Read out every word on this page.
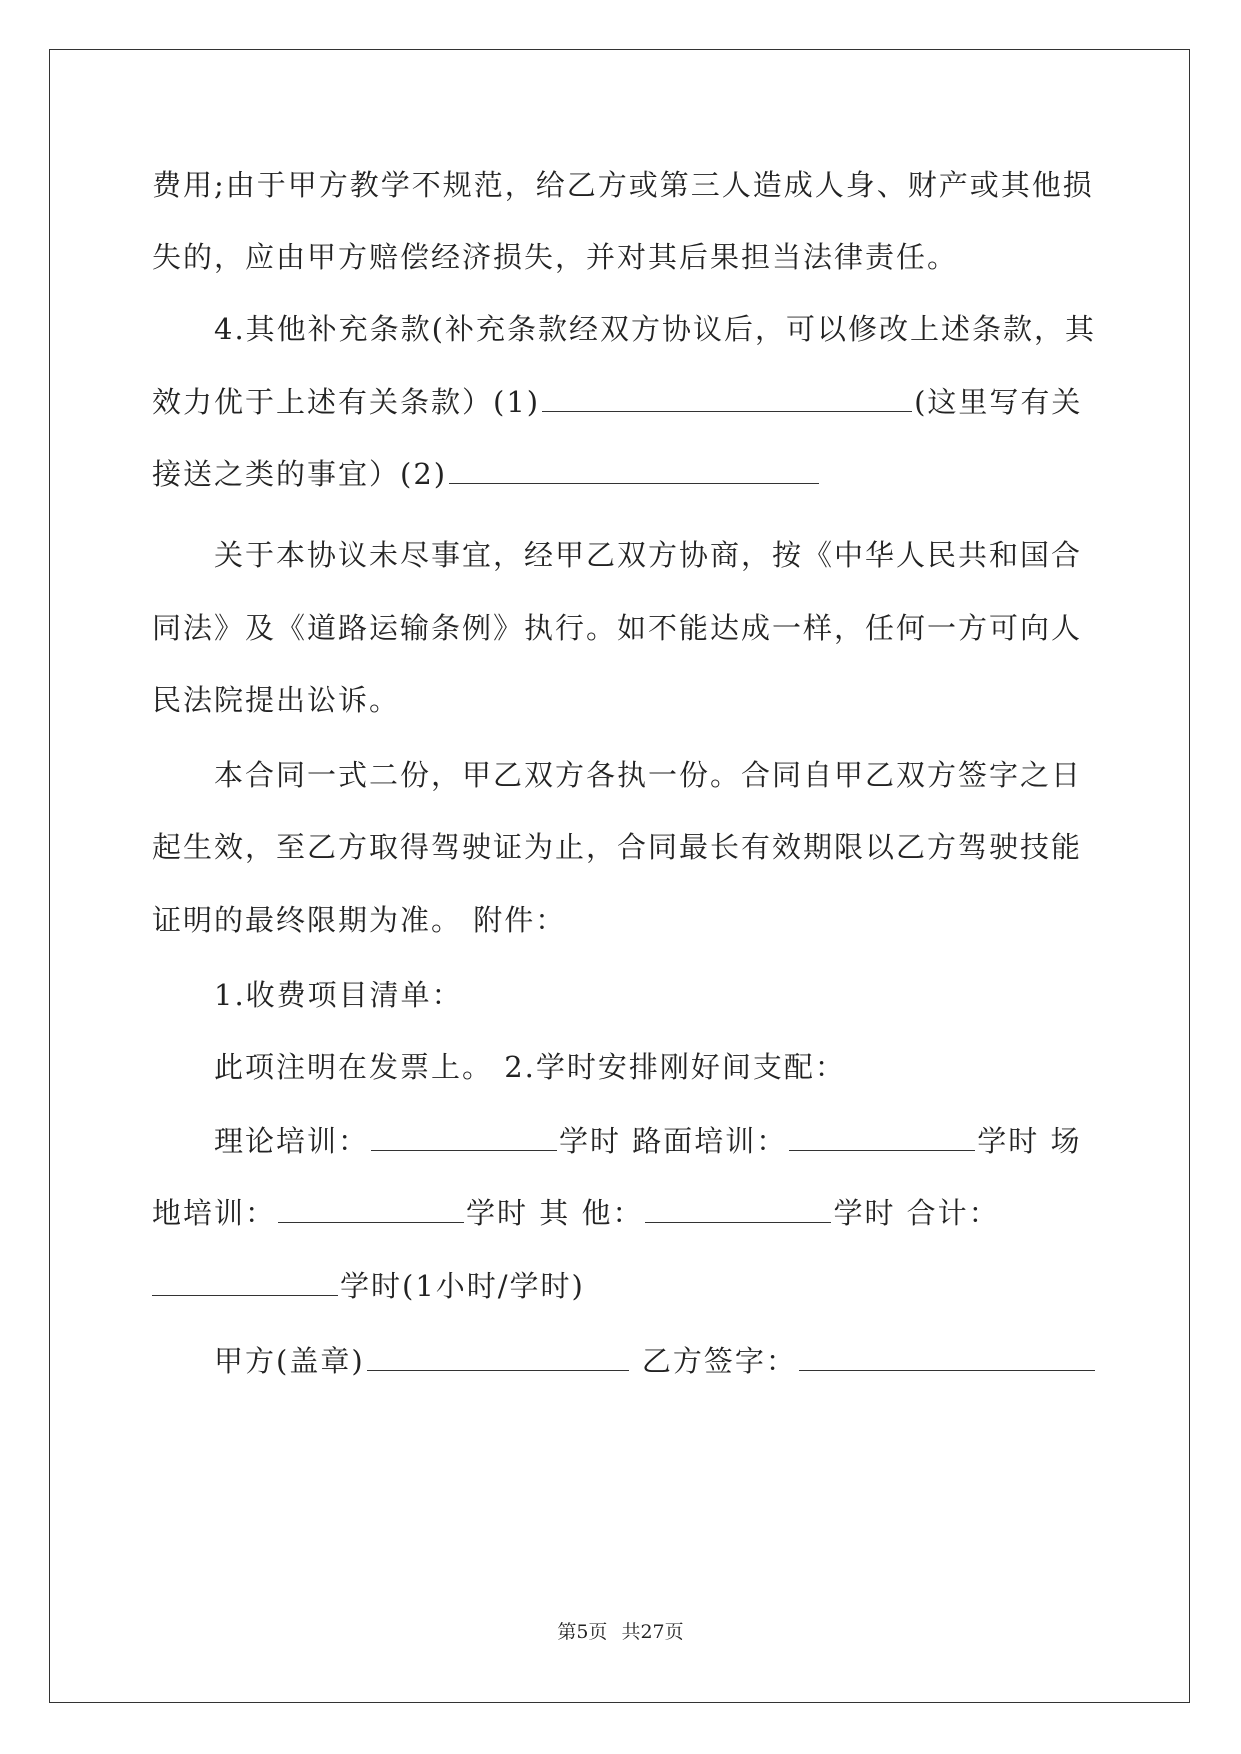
费用;由于甲方教学不规范，给乙方或第三人造成人身、财产或其他损
失的，应由甲方赔偿经济损失，并对其后果担当法律责任。
4.其他补充条款(补充条款经双方协议后，可以修改上述条款，其
效力优于上述有关条款）(1)	(这里写有关
接送之类的事宜）(2)
关于本协议未尽事宜，经甲乙双方协商，按《中华人民共和国合
同法》及《道路运输条例》执行。如不能达成一样，任何一方可向人
民法院提出讼诉。
本合同一式二份，甲乙双方各执一份。合同自甲乙双方签字之日
起生效，至乙方取得驾驶证为止，合同最长有效期限以乙方驾驶技能
证明的最终限期为准。 附件：
1.收费项目清单：
此项注明在发票上。 2.学时安排刚好间支配：
理论培训：	学时 路面培训：	学时 场
地培训：	学时 其 他：	学时 合计：
学时(1小时/学时)
甲方(盖章)	乙方签字：
第5页 共27页
